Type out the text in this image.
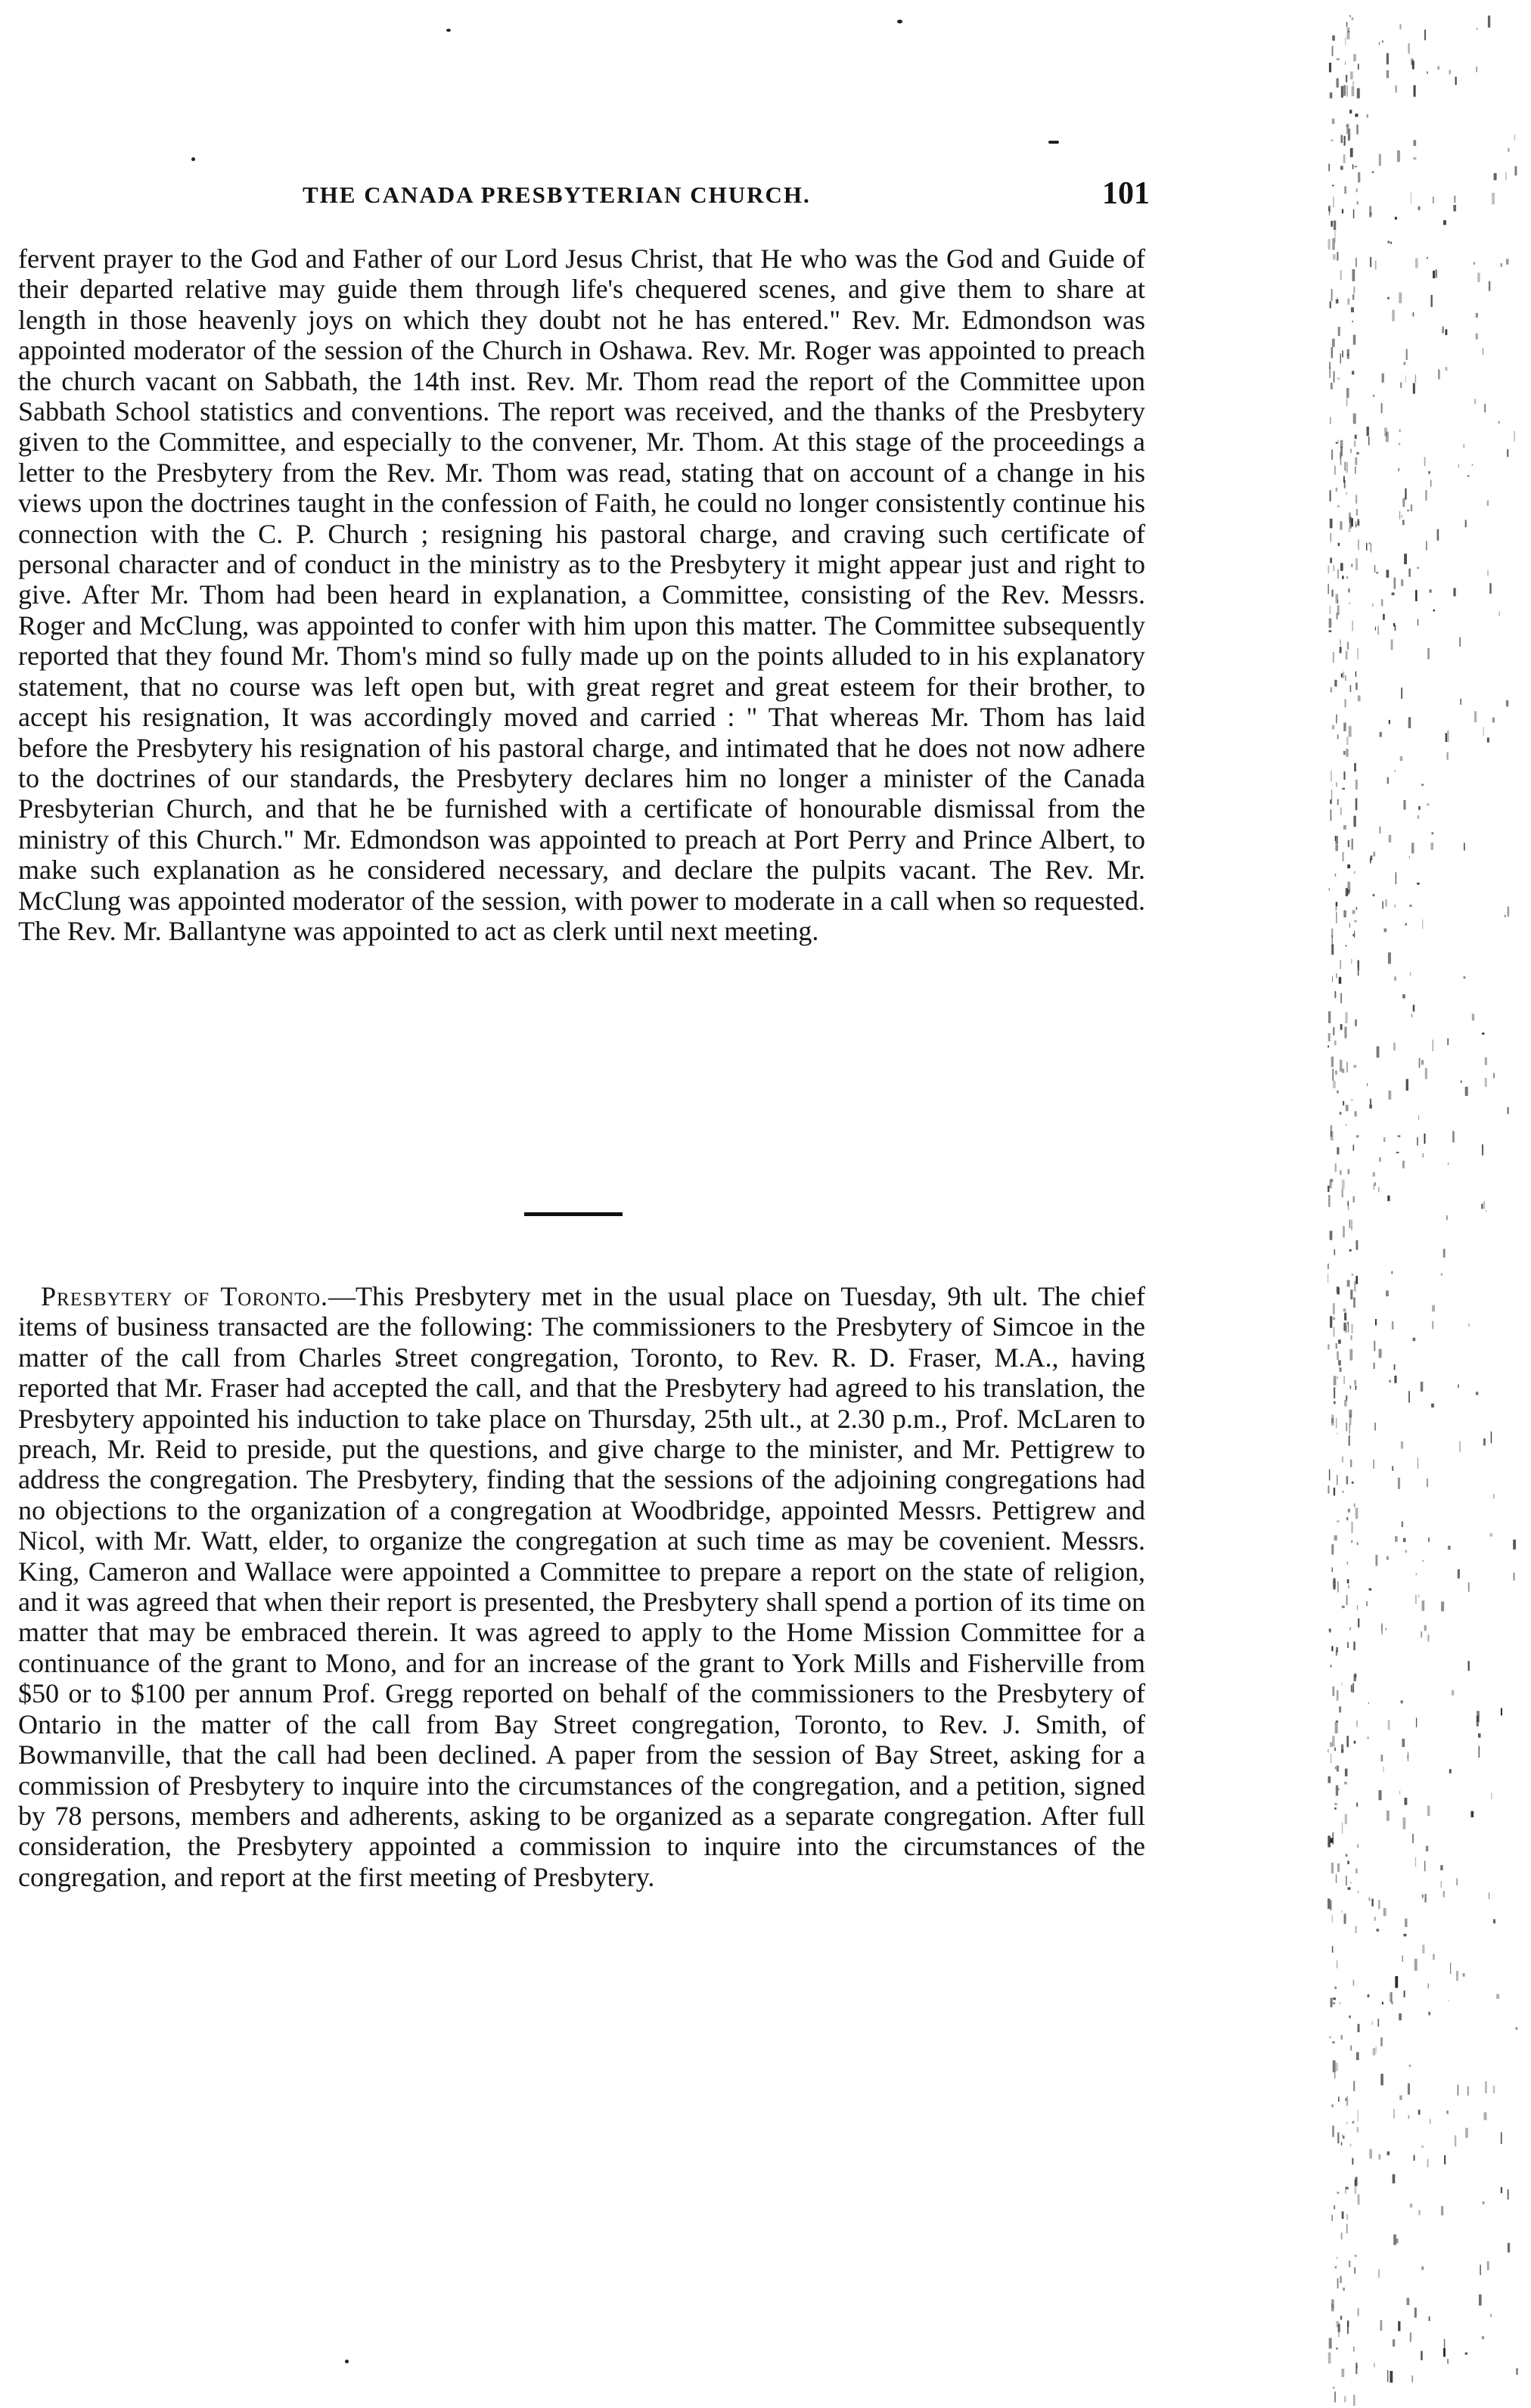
THE CANADA PRESBYTERIAN CHURCH.	101

fervent prayer to the God and Father of our Lord Jesus Christ, that He who was the God and Guide of their departed relative may guide them through life's chequered scenes, and give them to share at length in those heavenly joys on which they doubt not he has entered." Rev. Mr. Edmondson was appointed moderator of the session of the Church in Oshawa. Rev. Mr. Roger was appointed to preach the church vacant on Sabbath, the 14th inst. Rev. Mr. Thom read the report of the Committee upon Sabbath School statistics and conventions. The report was received, and the thanks of the Presbytery given to the Committee, and especially to the convener, Mr. Thom. At this stage of the proceedings a letter to the Presbytery from the Rev. Mr. Thom was read, stating that on account of a change in his views upon the doctrines taught in the confession of Faith, he could no longer consistently continue his connection with the C. P. Church ; resigning his pastoral charge, and craving such certificate of personal character and of conduct in the ministry as to the Presbytery it might appear just and right to give. After Mr. Thom had been heard in explanation, a Committee, consisting of the Rev. Messrs. Roger and McClung, was appointed to confer with him upon this matter. The Committee subsequently reported that they found Mr. Thom's mind so fully made up on the points alluded to in his explanatory statement, that no course was left open but, with great regret and great esteem for their brother, to accept his resignation, It was accordingly moved and carried : " That whereas Mr. Thom has laid before the Presbytery his resignation of his pastoral charge, and intimated that he does not now adhere to the doctrines of our standards, the Presbytery declares him no longer a minister of the Canada Presbyterian Church, and that he be furnished with a certificate of honourable dismissal from the ministry of this Church." Mr. Edmondson was appointed to preach at Port Perry and Prince Albert, to make such explanation as he considered necessary, and declare the pulpits vacant. The Rev. Mr. McClung was appointed moderator of the session, with power to moderate in a call when so requested. The Rev. Mr. Ballantyne was appointed to act as clerk until next meeting.

Presbytery of Toronto.—This Presbytery met in the usual place on Tuesday, 9th ult. The chief items of business transacted are the following: The commissioners to the Presbytery of Simcoe in the matter of the call from Charles Street congregation, Toronto, to Rev. R. D. Fraser, M.A., having reported that Mr. Fraser had accepted the call, and that the Presbytery had agreed to his translation, the Presbytery appointed his induction to take place on Thursday, 25th ult., at 2.30 p.m., Prof. McLaren to preach, Mr. Reid to preside, put the questions, and give charge to the minister, and Mr. Pettigrew to address the congregation. The Presbytery, finding that the sessions of the adjoining congregations had no objections to the organization of a congregation at Woodbridge, appointed Messrs. Pettigrew and Nicol, with Mr. Watt, elder, to organize the congregation at such time as may be covenient. Messrs. King, Cameron and Wallace were appointed a Committee to prepare a report on the state of religion, and it was agreed that when their report is presented, the Presbytery shall spend a portion of its time on matter that may be embraced therein. It was agreed to apply to the Home Mission Committee for a continuance of the grant to Mono, and for an increase of the grant to York Mills and Fisherville from $50 or to $100 per annum Prof. Gregg reported on behalf of the commissioners to the Presbytery of Ontario in the matter of the call from Bay Street congregation, Toronto, to Rev. J. Smith, of Bowmanville, that the call had been declined. A paper from the session of Bay Street, asking for a commission of Presbytery to inquire into the circumstances of the congregation, and a petition, signed by 78 persons, members and adherents, asking to be organized as a separate congregation. After full consideration, the Presbytery appointed a commission to inquire into the circumstances of the congregation, and report at the first meeting of Presbytery.
